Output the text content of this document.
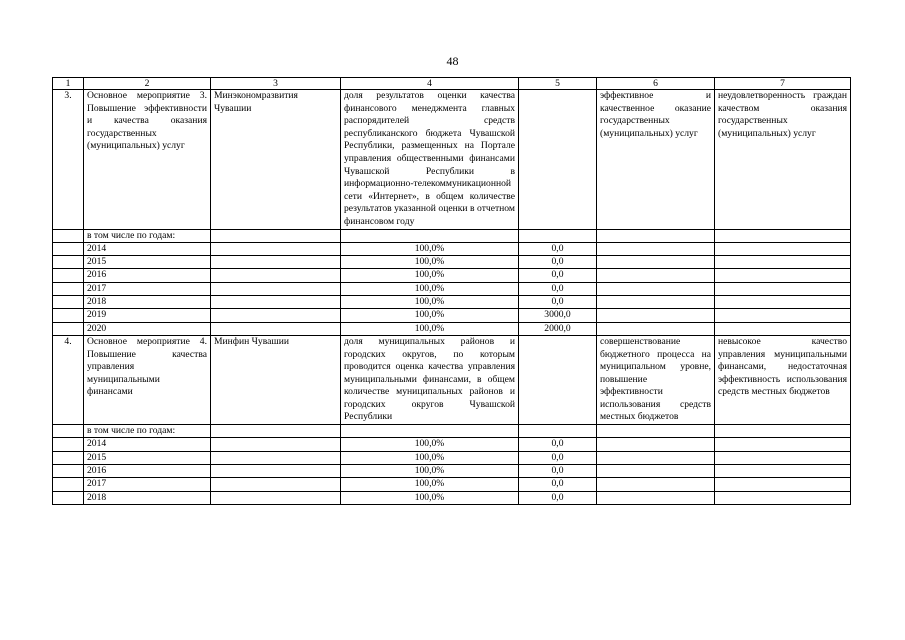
48
1	2	3	4	5	6	7
3.	Основное мероприятие 3. Повышение эффективности и качества оказания государственных (муниципальных) услуг	Минэкономразвития Чувашии	доля результатов оценки качества финансового менеджмента главных распорядителей средств республиканского бюджета Чувашской Республики, размещенных на Портале управления общественными финансами Чувашской Республики в информационно-телекоммуникационной сети «Интернет», в общем количестве результатов указанной оценки в отчетном финансовом году		эффективное и качественное оказание государственных (муниципальных) услуг	неудовлетворенность граждан качеством оказания государственных (муниципальных) услуг
	в том числе по годам:					
	2014		100,0%	0,0		
	2015		100,0%	0,0		
	2016		100,0%	0,0		
	2017		100,0%	0,0		
	2018		100,0%	0,0		
	2019		100,0%	3000,0		
	2020		100,0%	2000,0		
4.	Основное мероприятие 4. Повышение качества управления муниципальными финансами	Минфин Чувашии	доля муниципальных районов и городских округов, по которым проводится оценка качества управления муниципальными финансами, в общем количестве муниципальных районов и городских округов Чувашской Республики		совершенствование бюджетного процесса на муниципальном уровне, повышение эффективности использования средств местных бюджетов	невысокое качество управления муниципальными финансами, недостаточная эффективность использования средств местных бюджетов
	в том числе по годам:					
	2014		100,0%	0,0		
	2015		100,0%	0,0		
	2016		100,0%	0,0		
	2017		100,0%	0,0		
	2018		100,0%	0,0		
